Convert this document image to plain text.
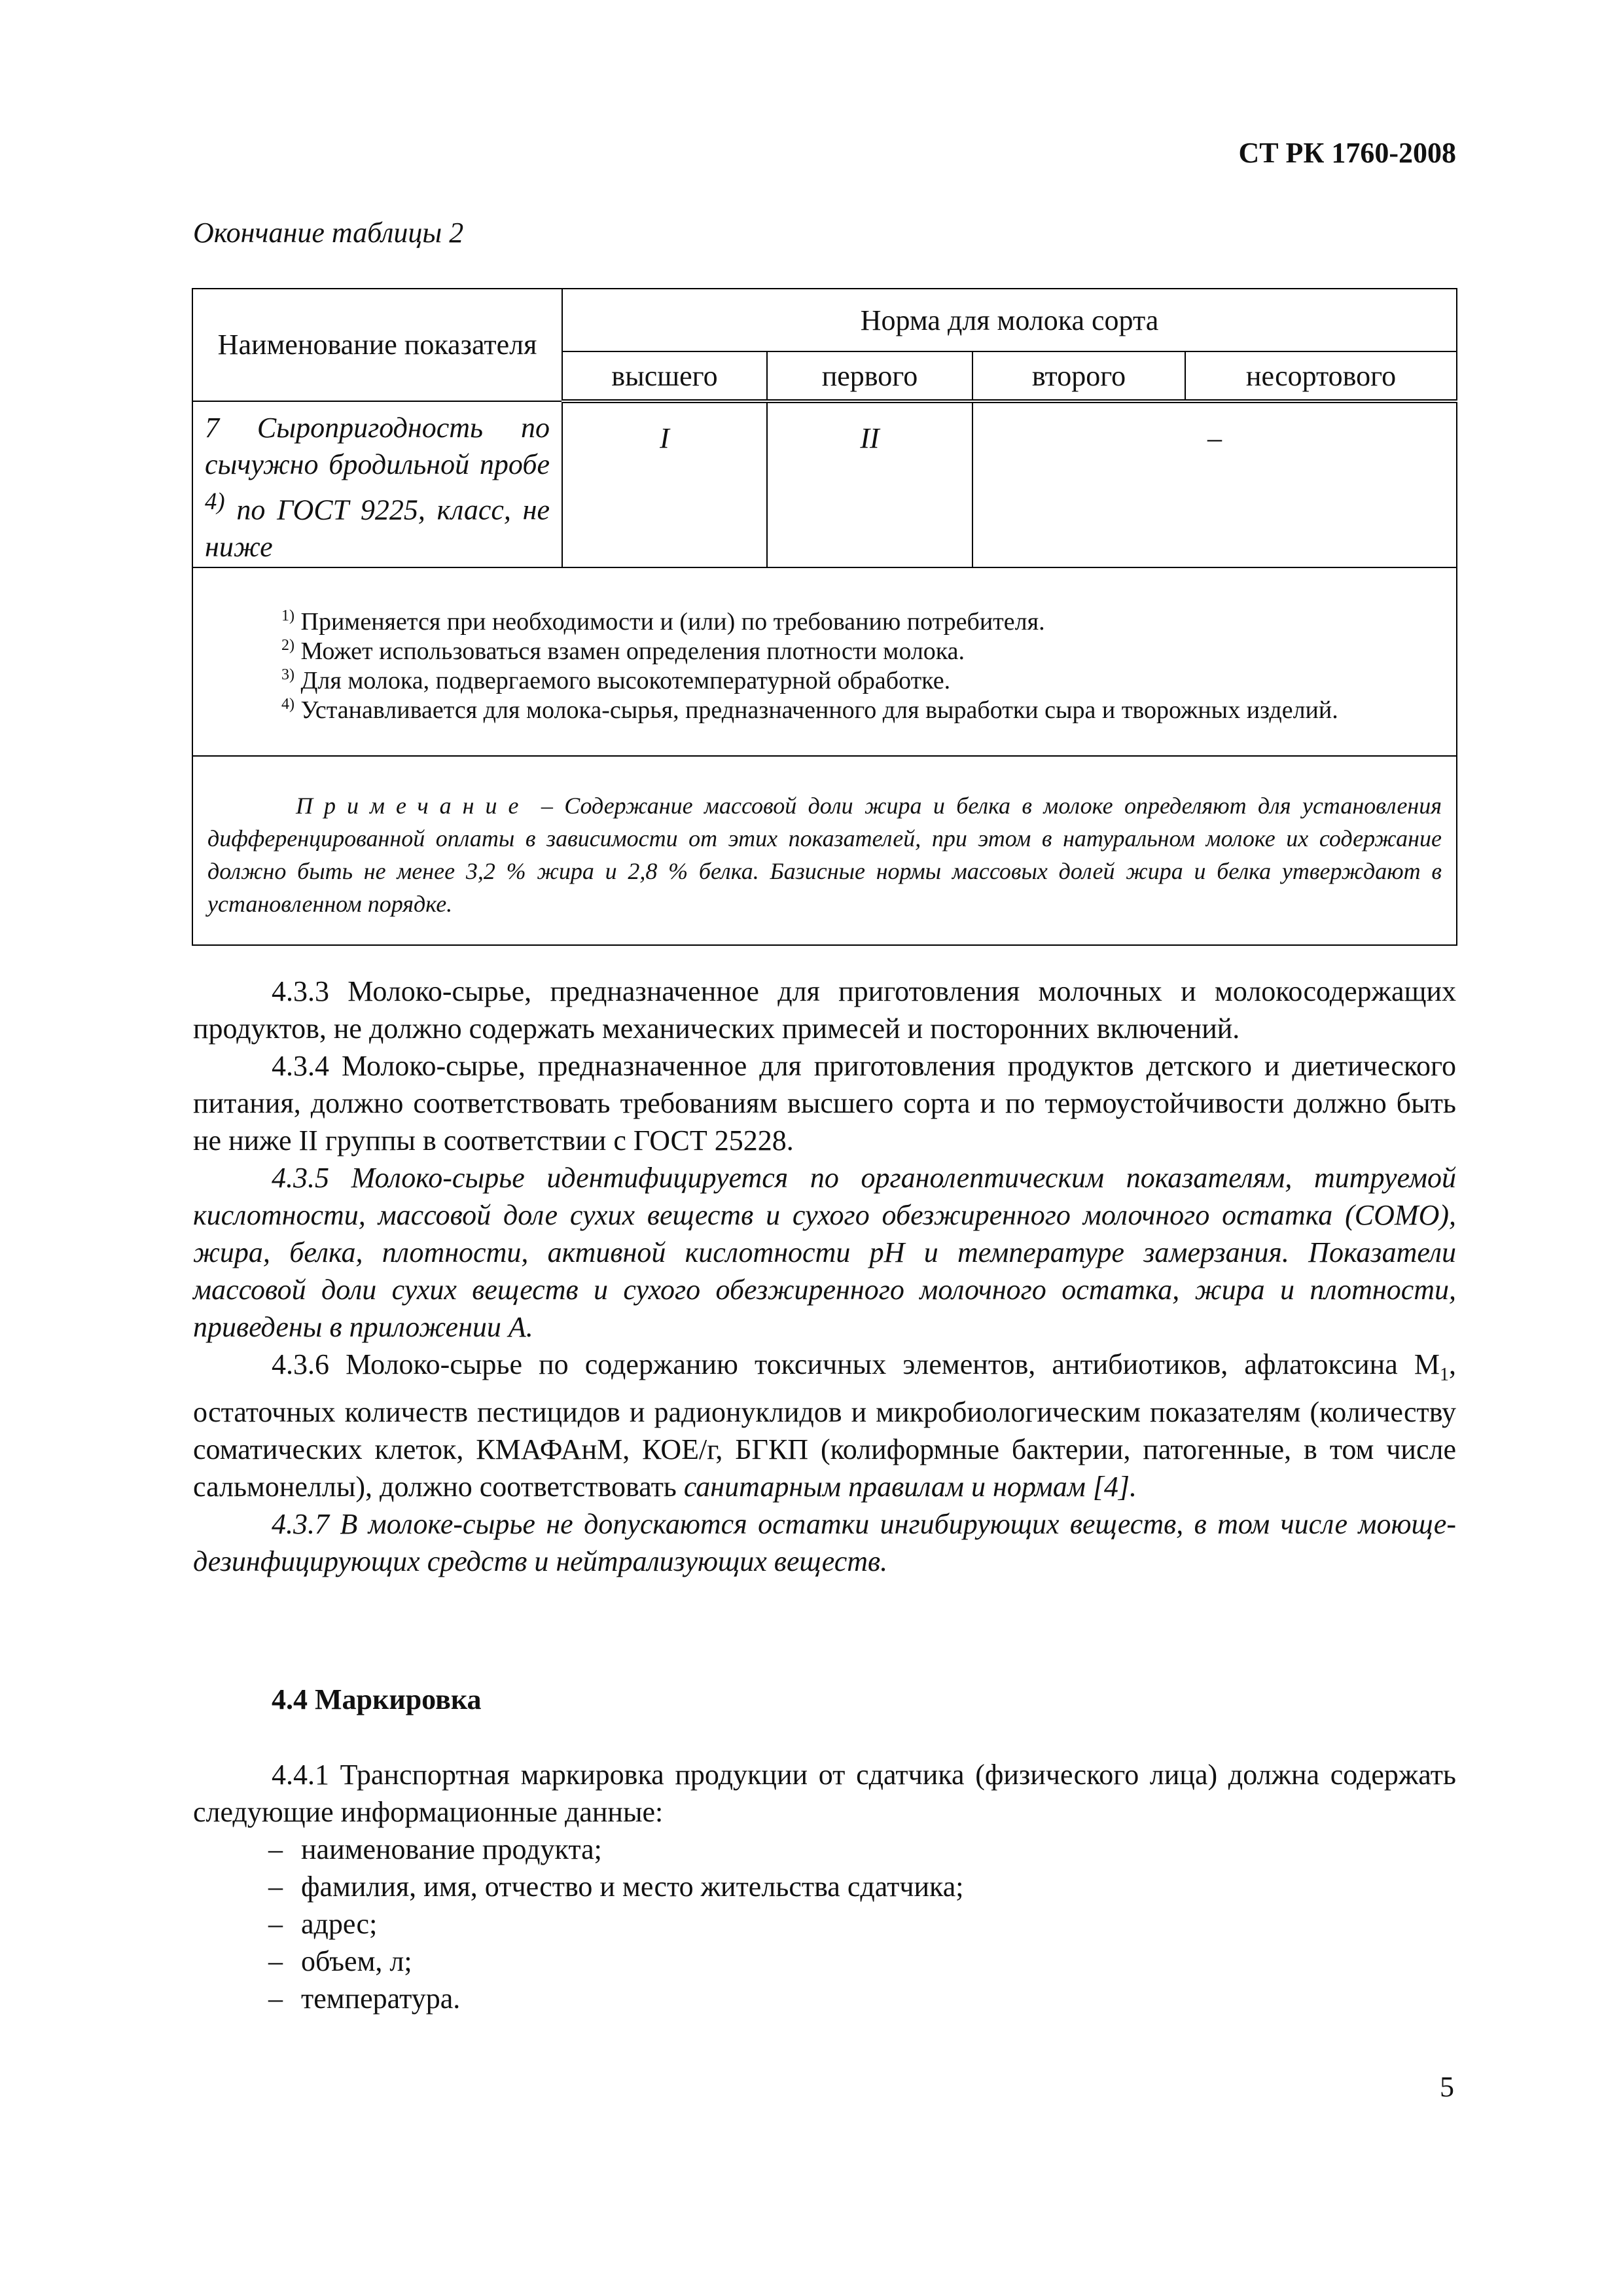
СТ РК 1760-2008
Окончание таблицы 2
Наименование показателя	Норма для молока сорта			
	высшего	первого	второго	несортового
7 Сыропригодность по сычужно бродильной пробе $^{4)}$ по ГОСТ 9225, класс, не ниже	I	II	–	

$^{1)}$ Применяется при необходимости и (или) по требованию потребителя.
$^{2)}$ Может использоваться взамен определения плотности молока.
$^{3)}$ Для молока, подвергаемого высокотемпературной обработке.
$^{4)}$ Устанавливается для молока-сырья, предназначенного для выработки сыра и творожных изделий.				

Примечание – Содержание массовой доли жира и белка в молоке определяют для установления дифференцированной оплаты в зависимости от этих показателей, при этом в натуральном молоке их содержание должно быть не менее 3,2 % жира и 2,8 % белка. Базисные нормы массовых долей жира и белка утверждают в установленном порядке.				

4.3.3 Молоко-сырье, предназначенное для приготовления молочных и молокосодержащих продуктов, не должно содержать механических примесей и посторонних включений.

4.3.4 Молоко-сырье, предназначенное для приготовления продуктов детского и диетического питания, должно соответствовать требованиям высшего сорта и по термоустойчивости должно быть не ниже II группы в соответствии с ГОСТ 25228.

4.3.5 Молоко-сырье идентифицируется по органолептическим показателям, титруемой кислотности, массовой доле сухих веществ и сухого обезжиренного молочного остатка (СОМО), жира, белка, плотности, активной кислотности pH и температуре замерзания. Показатели массовой доли сухих веществ и сухого обезжиренного молочного остатка, жира и плотности, приведены в приложении А.

4.3.6 Молоко-сырье по содержанию токсичных элементов, антибиотиков, афлатоксина $М_1$, остаточных количеств пестицидов и радионуклидов и микробиологическим показателям (количеству соматических клеток, КМАФАнМ, КОЕ/г, БГКП (колиформные бактерии, патогенные, в том числе сальмонеллы), должно соответствовать санитарным правилам и нормам [4].

4.3.7 В молоке-сырье не допускаются остатки ингибирующих веществ, в том числе моюще-дезинфицирующих средств и нейтрализующих веществ.

4.4 Маркировка

4.4.1 Транспортная маркировка продукции от сдатчика (физического лица) должна содержать следующие информационные данные:

– наименование продукта;
– фамилия, имя, отчество и место жительства сдатчика;
– адрес;
– объем, л;
– температура.
5
